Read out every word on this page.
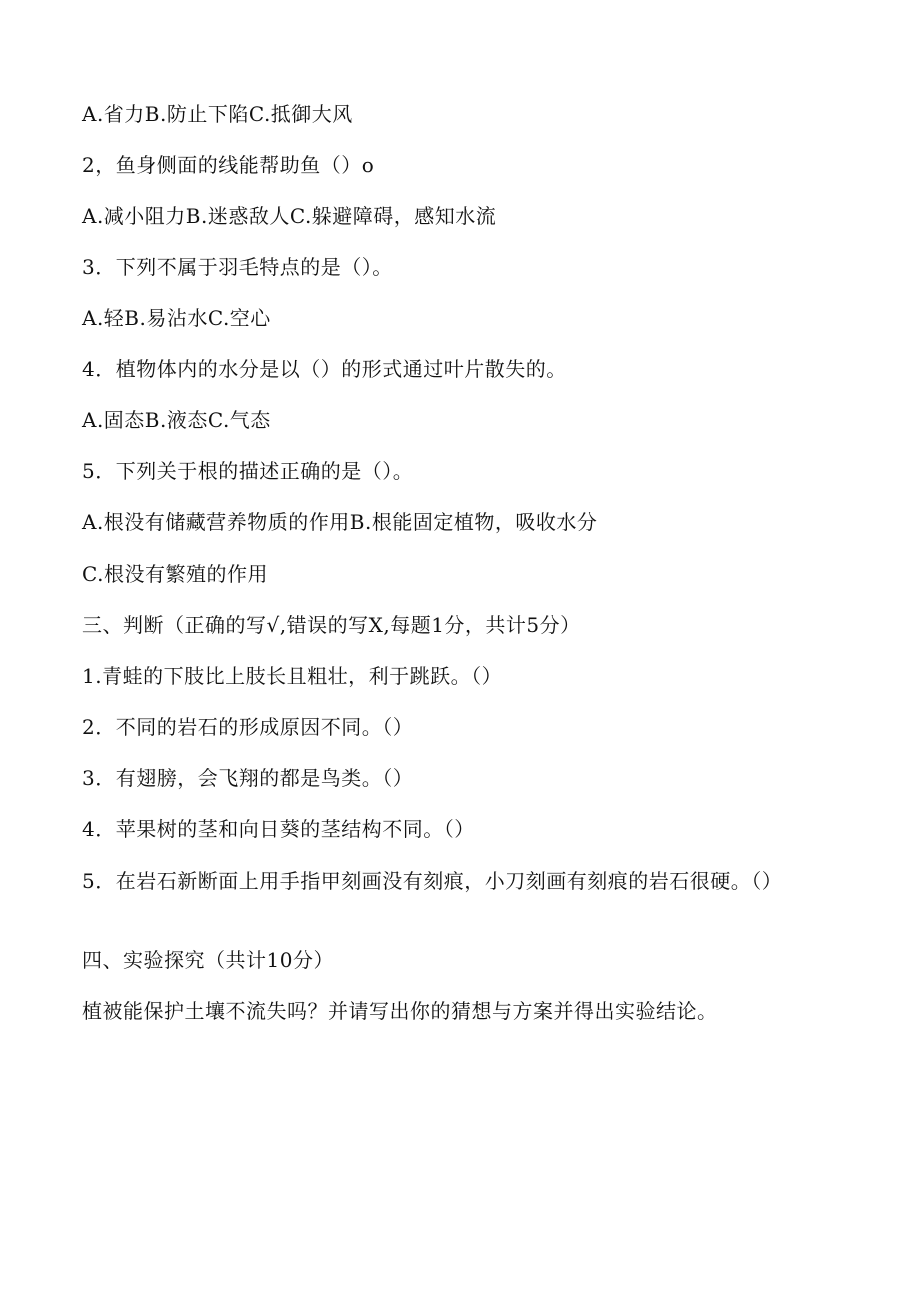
A.省力B.防止下陷C.抵御大风
2，鱼身侧面的线能帮助鱼（）o
A.减小阻力B.迷惑敌人C.躲避障碍，感知水流
3．下列不属于羽毛特点的是（）。
A.轻B.易沾水C.空心
4．植物体内的水分是以（）的形式通过叶片散失的。
A.固态B.液态C.气态
5．下列关于根的描述正确的是（）。
A.根没有储藏营养物质的作用B.根能固定植物，吸收水分
C.根没有繁殖的作用
三、判断（正确的写√,错误的写X,每题1分，共计5分）
1.青蛙的下肢比上肢长且粗壮，利于跳跃。（）
2．不同的岩石的形成原因不同。（）
3．有翅膀，会飞翔的都是鸟类。（）
4．苹果树的茎和向日葵的茎结构不同。（）
5．在岩石新断面上用手指甲刻画没有刻痕，小刀刻画有刻痕的岩石很硬。（）
四、实验探究（共计10分）
植被能保护土壤不流失吗？并请写出你的猜想与方案并得出实验结论。
